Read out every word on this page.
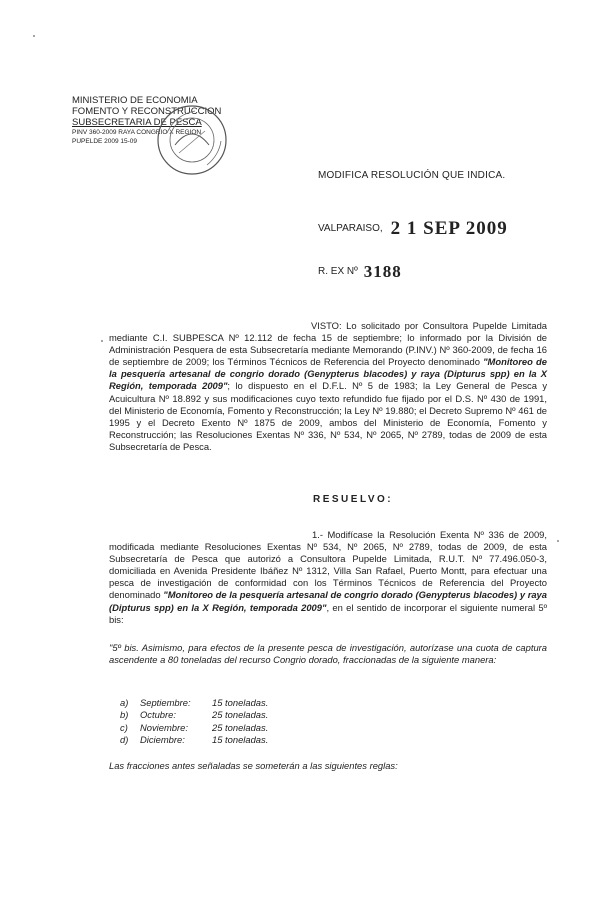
MINISTERIO DE ECONOMIA
FOMENTO Y RECONSTRUCCION
SUBSECRETARIA DE PESCA
PINV 360-2009 RAYA CONGRIO X REGION
PUPELDE 2009 15-09
MODIFICA RESOLUCIÓN QUE INDICA.
VALPARAISO, 2 1 SEP 2009
R. EX Nº 3188
VISTO: Lo solicitado por Consultora Pupelde Limitada mediante C.I. SUBPESCA Nº 12.112 de fecha 15 de septiembre; lo informado por la División de Administración Pesquera de esta Subsecretaría mediante Memorando (P.INV.) Nº 360-2009, de fecha 16 de septiembre de 2009; los Términos Técnicos de Referencia del Proyecto denominado "Monitoreo de la pesquería artesanal de congrio dorado (Genypterus blacodes) y raya (Dipturus spp) en la X Región, temporada 2009"; lo dispuesto en el D.F.L. Nº 5 de 1983; la Ley General de Pesca y Acuicultura Nº 18.892 y sus modificaciones cuyo texto refundido fue fijado por el D.S. Nº 430 de 1991, del Ministerio de Economía, Fomento y Reconstrucción; la Ley Nº 19.880; el Decreto Supremo Nº 461 de 1995 y el Decreto Exento Nº 1875 de 2009, ambos del Ministerio de Economía, Fomento y Reconstrucción; las Resoluciones Exentas Nº 336, Nº 534, Nº 2065, Nº 2789, todas de 2009 de esta Subsecretaría de Pesca.
RESUELVO:
1.- Modifícase la Resolución Exenta Nº 336 de 2009, modificada mediante Resoluciones Exentas Nº 534, Nº 2065, Nº 2789, todas de 2009, de esta Subsecretaría de Pesca que autorizó a Consultora Pupelde Limitada, R.U.T. Nº 77.496.050-3, domiciliada en Avenida Presidente Ibáñez Nº 1312, Villa San Rafael, Puerto Montt, para efectuar una pesca de investigación de conformidad con los Términos Técnicos de Referencia del Proyecto denominado "Monitoreo de la pesquería artesanal de congrio dorado (Genypterus blacodes) y raya (Dipturus spp) en la X Región, temporada 2009", en el sentido de incorporar el siguiente numeral 5º bis:
"5º bis. Asimismo, para efectos de la presente pesca de investigación, autorízase una cuota de captura ascendente a 80 toneladas del recurso Congrio dorado, fraccionadas de la siguiente manera:
a)	Septiembre:	15 toneladas.
b)	Octubre:	25 toneladas.
c)	Noviembre:	25 toneladas.
d)	Diciembre:	15 toneladas.
Las fracciones antes señaladas se someterán a las siguientes reglas:
